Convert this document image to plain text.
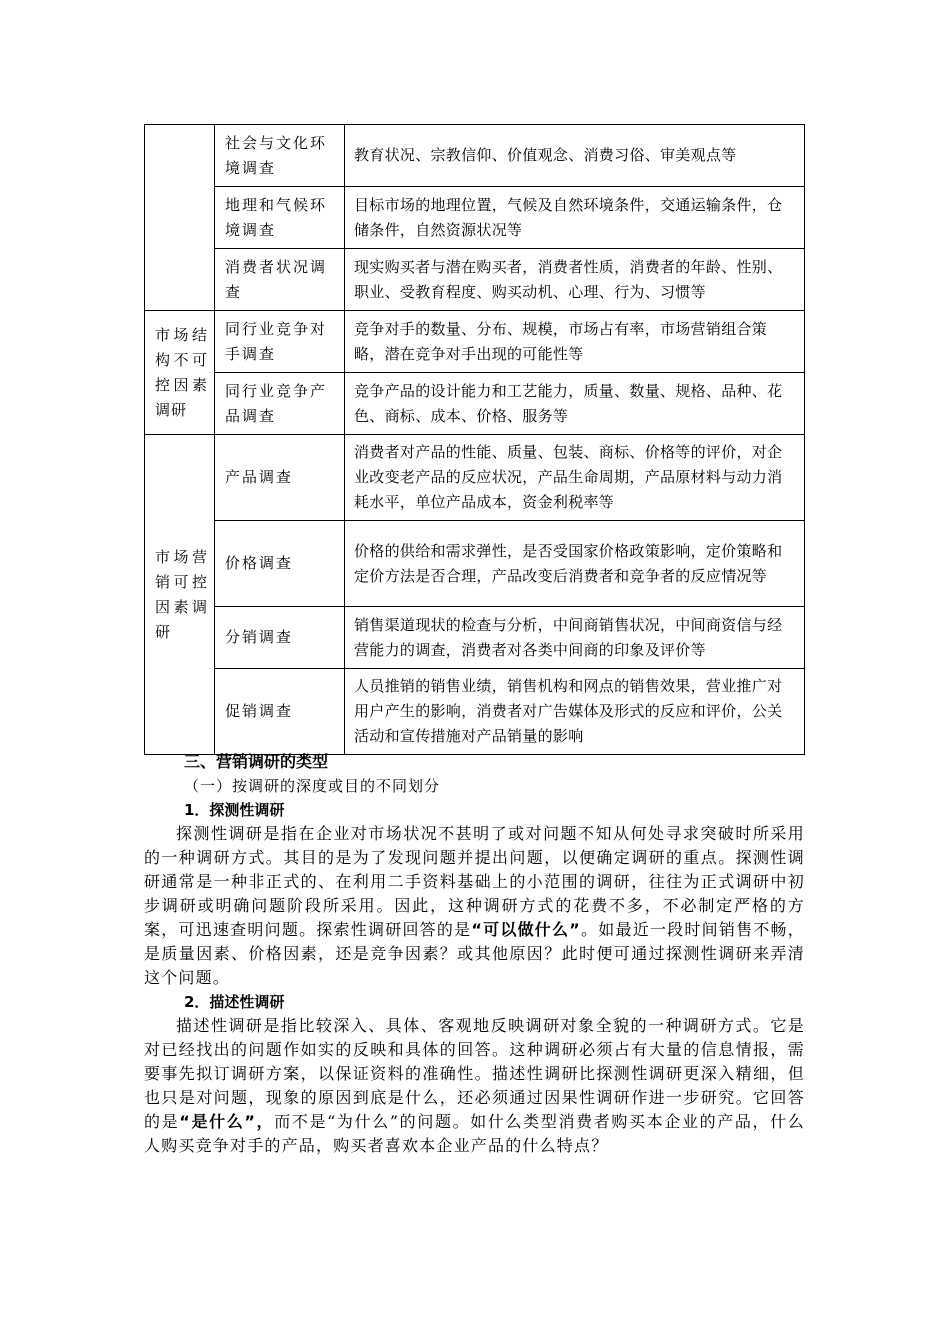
	社会与文化环境调查	教育状况、宗教信仰、价值观念、消费习俗、审美观点等

	地理和气候环境调查	目标市场的地理位置，气候及自然环境条件，交通运输条件，仓储条件，自然资源状况等

	消费者状况调查	现实购买者与潜在购买者，消费者性质，消费者的年龄、性别、职业、受教育程度、购买动机、心理、行为、习惯等

市场结构不可控因素调研	同行业竞争对手调查	竞争对手的数量、分布、规模，市场占有率，市场营销组合策略，潜在竞争对手出现的可能性等

	同行业竞争产品调查	竞争产品的设计能力和工艺能力，质量、数量、规格、品种、花色、商标、成本、价格、服务等

市场营销可控因素调研	产品调查	消费者对产品的性能、质量、包装、商标、价格等的评价，对企业改变老产品的反应状况，产品生命周期，产品原材料与动力消耗水平，单位产品成本，资金利税率等

	价格调查	价格的供给和需求弹性，是否受国家价格政策影响，定价策略和定价方法是否合理，产品改变后消费者和竞争者的反应情况等

	分销调查	销售渠道现状的检查与分析，中间商销售状况，中间商资信与经营能力的调查，消费者对各类中间商的印象及评价等

	促销调查	人员推销的销售业绩，销售机构和网点的销售效果，营业推广对用户产生的影响，消费者对广告媒体及形式的反应和评价，公关活动和宣传措施对产品销量的影响
三、营销调研的类型
（一）按调研的深度或目的不同划分
1．探测性调研

探测性调研是指在企业对市场状况不甚明了或对问题不知从何处寻求突破时所采用的一种调研方式。其目的是为了发现问题并提出问题，以便确定调研的重点。探测性调研通常是一种非正式的、在利用二手资料基础上的小范围的调研，往往为正式调研中初步调研或明确问题阶段所采用。因此，这种调研方式的花费不多，不必制定严格的方案，可迅速查明问题。探索性调研回答的是“可以做什么”。如最近一段时间销售不畅，是质量因素、价格因素，还是竞争因素？或其他原因？此时便可通过探测性调研来弄清这个问题。

2．描述性调研

描述性调研是指比较深入、具体、客观地反映调研对象全貌的一种调研方式。它是对已经找出的问题作如实的反映和具体的回答。这种调研必须占有大量的信息情报，需要事先拟订调研方案，以保证资料的准确性。描述性调研比探测性调研更深入精细，但也只是对问题，现象的原因到底是什么，还必须通过因果性调研作进一步研究。它回答的是“是什么”，而不是“为什么”的问题。如什么类型消费者购买本企业的产品，什么人购买竞争对手的产品，购买者喜欢本企业产品的什么特点？
